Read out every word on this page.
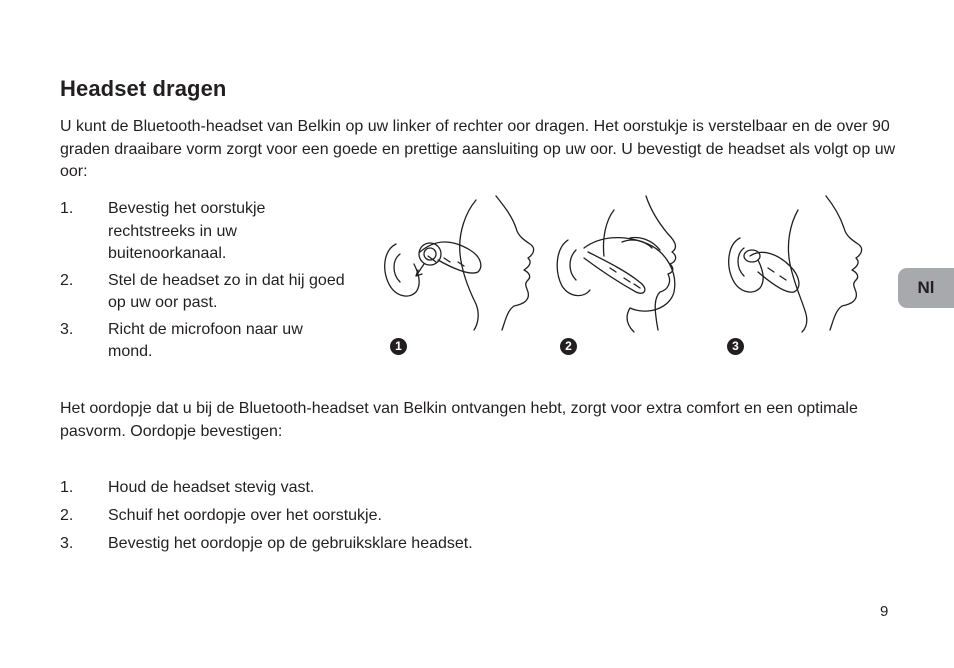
Headset dragen

U kunt de Bluetooth-headset van Belkin op uw linker of rechter oor dragen. Het oorstukje is verstelbaar en de over 90 graden draaibare vorm zorgt voor een goede en prettige aansluiting op uw oor. U bevestigt de headset als volgt op uw oor:

1. Bevestig het oorstukje rechtstreeks in uw buitenoorkanaal.
2. Stel de headset zo in dat hij goed op uw oor past.
3. Richt de microfoon naar uw mond.	1	2	3

Het oordopje dat u bij de Bluetooth-headset van Belkin ontvangen hebt, zorgt voor extra comfort en een optimale pasvorm. Oordopje bevestigen:

1. Houd de headset stevig vast.
2. Schuif het oordopje over het oorstukje.
3. Bevestig het oordopje op de gebruiksklare headset.
Nl
9
